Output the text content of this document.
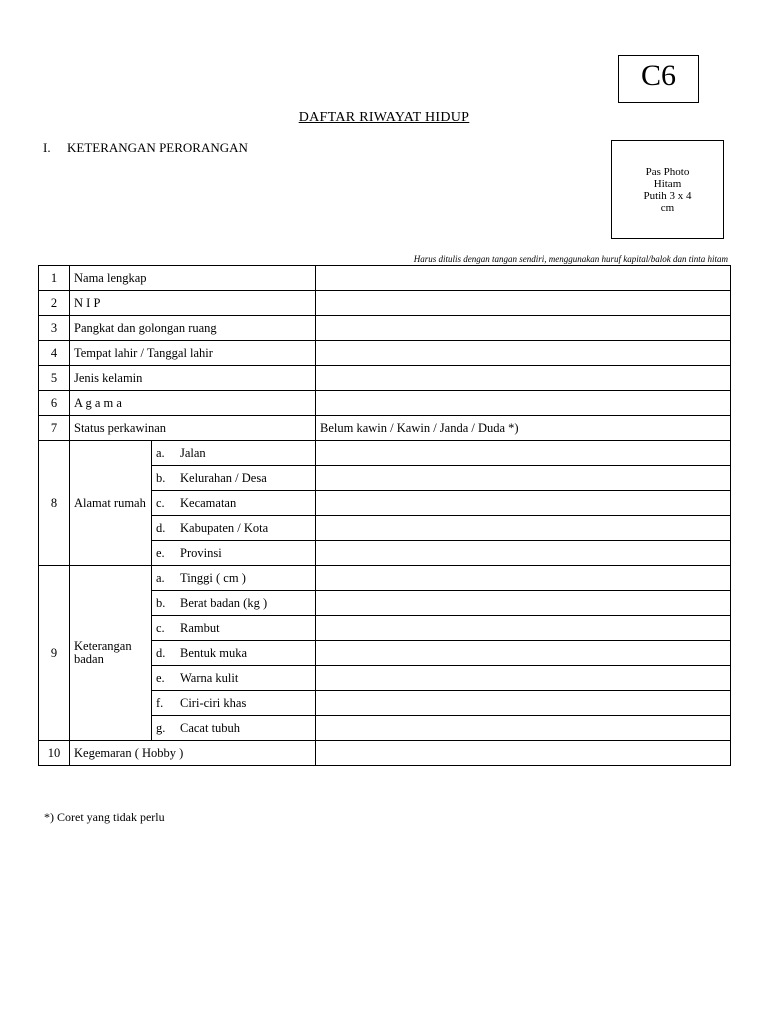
C6
DAFTAR RIWAYAT HIDUP
I. KETERANGAN PERORANGAN
Pas Photo
Hitam
Putih 3 x 4
cm
Harus ditulis dengan tangan sendiri, menggunakan huruf kapital/balok dan tinta hitam
1	Nama lengkap		
2	N I P		
3	Pangkat dan golongan ruang		
4	Tempat lahir / Tanggal lahir		
5	Jenis kelamin		
6	A g a m a		
7	Status perkawinan		Belum kawin / Kawin / Janda / Duda *)
8	Alamat rumah	a. Jalan	
		b. Kelurahan / Desa	
		c. Kecamatan	
		d. Kabupaten / Kota	
		e. Provinsi	
9	Keterangan badan	a. Tinggi ( cm )	
		b. Berat badan (kg )	
		c. Rambut	
		d. Bentuk muka	
		e. Warna kulit	
		f. Ciri-ciri khas	
		g. Cacat tubuh	
10	Kegemaran ( Hobby )		
*) Coret yang tidak perlu
